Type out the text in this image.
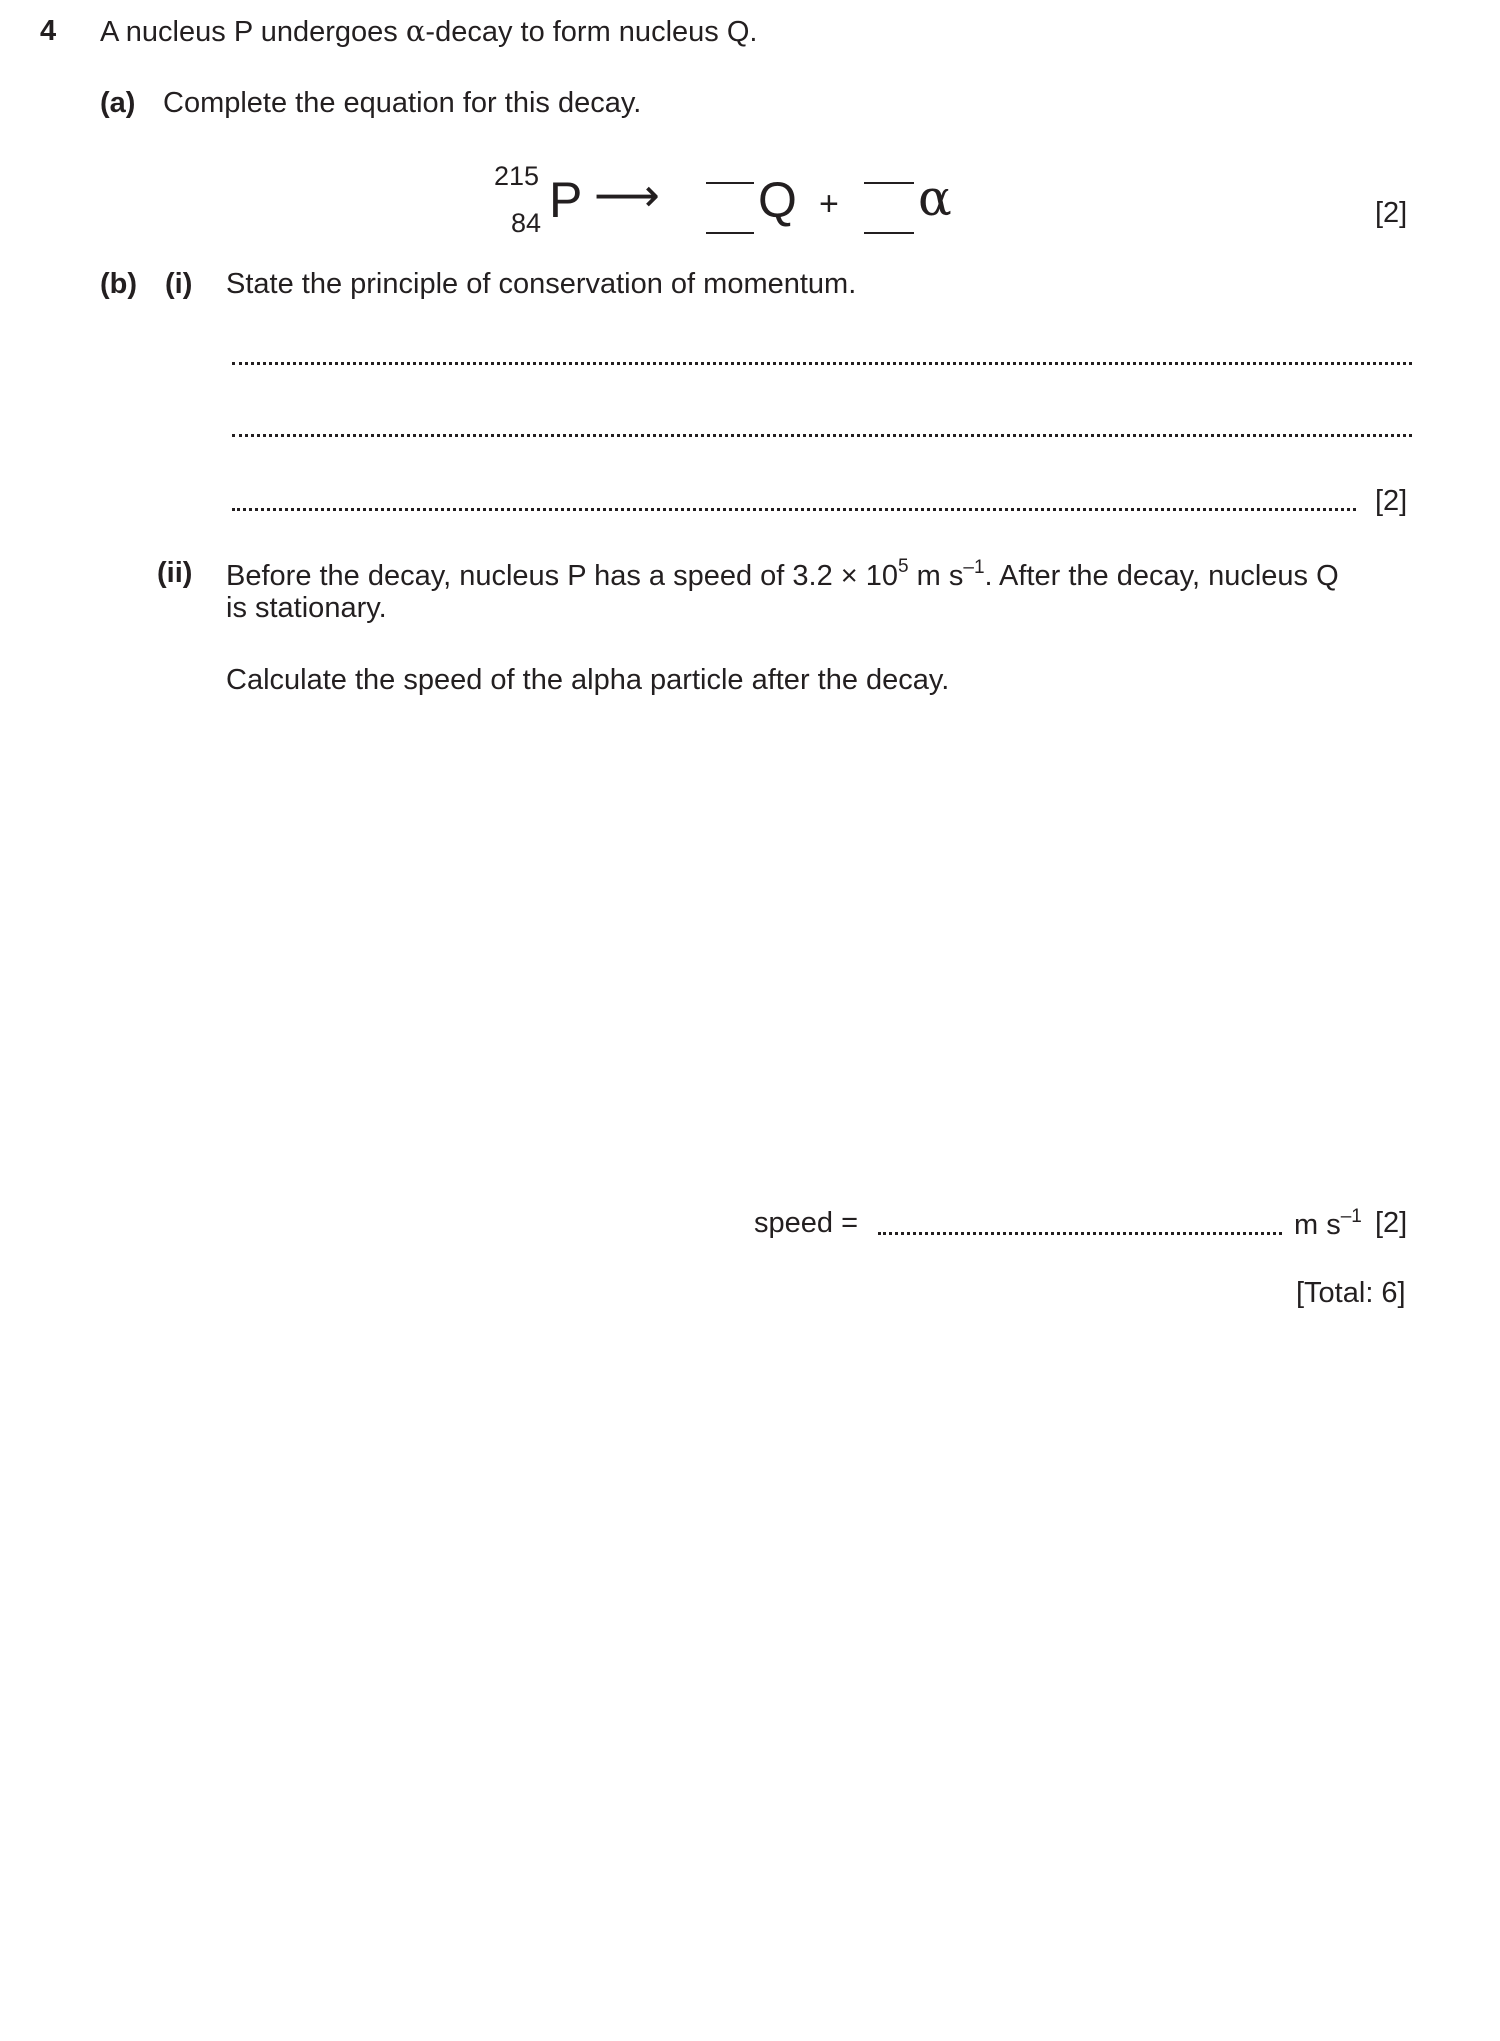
4 A nucleus P undergoes α-decay to form nucleus Q.
(a) Complete the equation for this decay.
215
84 P ⟶ Q + α	[2]
(b) (i) State the principle of conservation of momentum.
[2]
(ii) Before the decay, nucleus P has a speed of $3.2 \times 10^5$ m $s^{-1}$. After the decay, nucleus Q
is stationary.
Calculate the speed of the alpha particle after the decay.
speed =	m $s^{-1}$ [2]
[Total: 6]
